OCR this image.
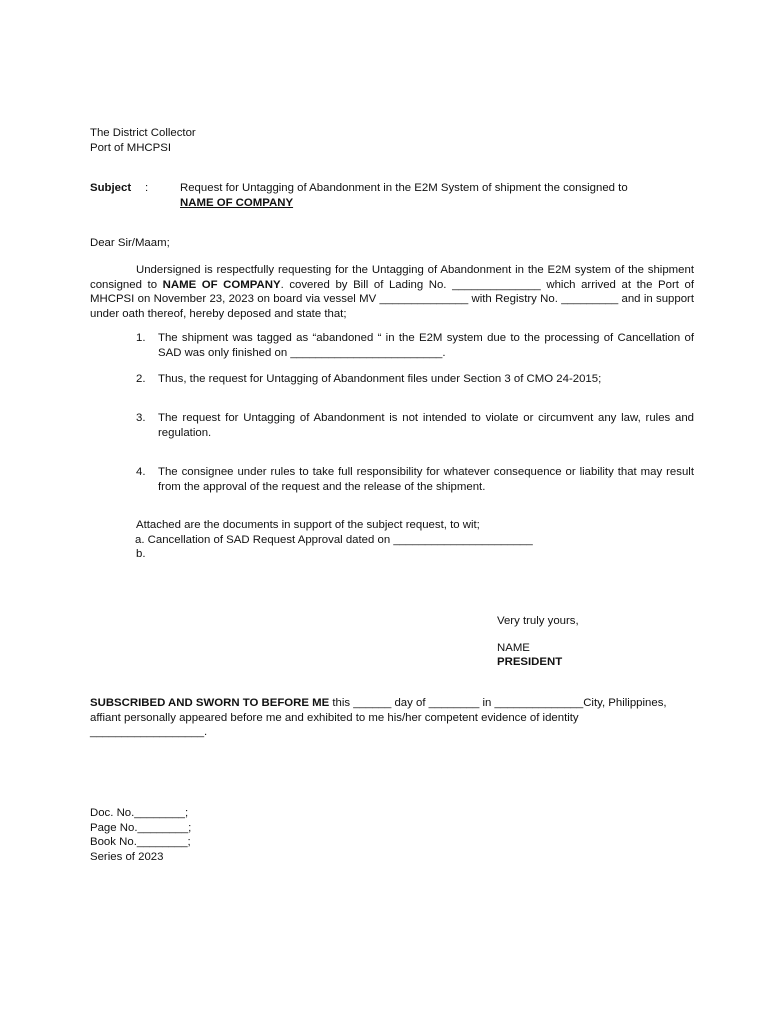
The District Collector
Port of MHCPSI
Subject :	Request for Untagging of Abandonment in the E2M System of shipment the consigned to
NAME OF COMPANY
Dear Sir/Maam;
Undersigned is respectfully requesting for the Untagging of Abandonment in the E2M system of the shipment consigned to NAME OF COMPANY. covered by Bill of Lading No. ______________ which arrived at the Port of MHCPSI on November 23, 2023 on board via vessel MV ______________ with Registry No. _________ and in support under oath thereof, hereby deposed and state that;
1. The shipment was tagged as “abandoned “ in the E2M system due to the processing of Cancellation of SAD was only finished on ________________________.
2. Thus, the request for Untagging of Abandonment files under Section 3 of CMO 24-2015;
3. The request for Untagging of Abandonment is not intended to violate or circumvent any law, rules and regulation.
4. The consignee under rules to take full responsibility for whatever consequence or liability that may result from the approval of the request and the release of the shipment.
Attached are the documents in support of the subject request, to wit;
a. Cancellation of SAD Request Approval dated on ______________________
b.
Very truly yours,
NAME
PRESIDENT
SUBSCRIBED AND SWORN TO BEFORE ME this ______ day of ________ in ______________City, Philippines, affiant personally appeared before me and exhibited to me his/her competent evidence of identity __________________.
Doc. No.________;
Page No.________;
Book No.________;
Series of 2023
